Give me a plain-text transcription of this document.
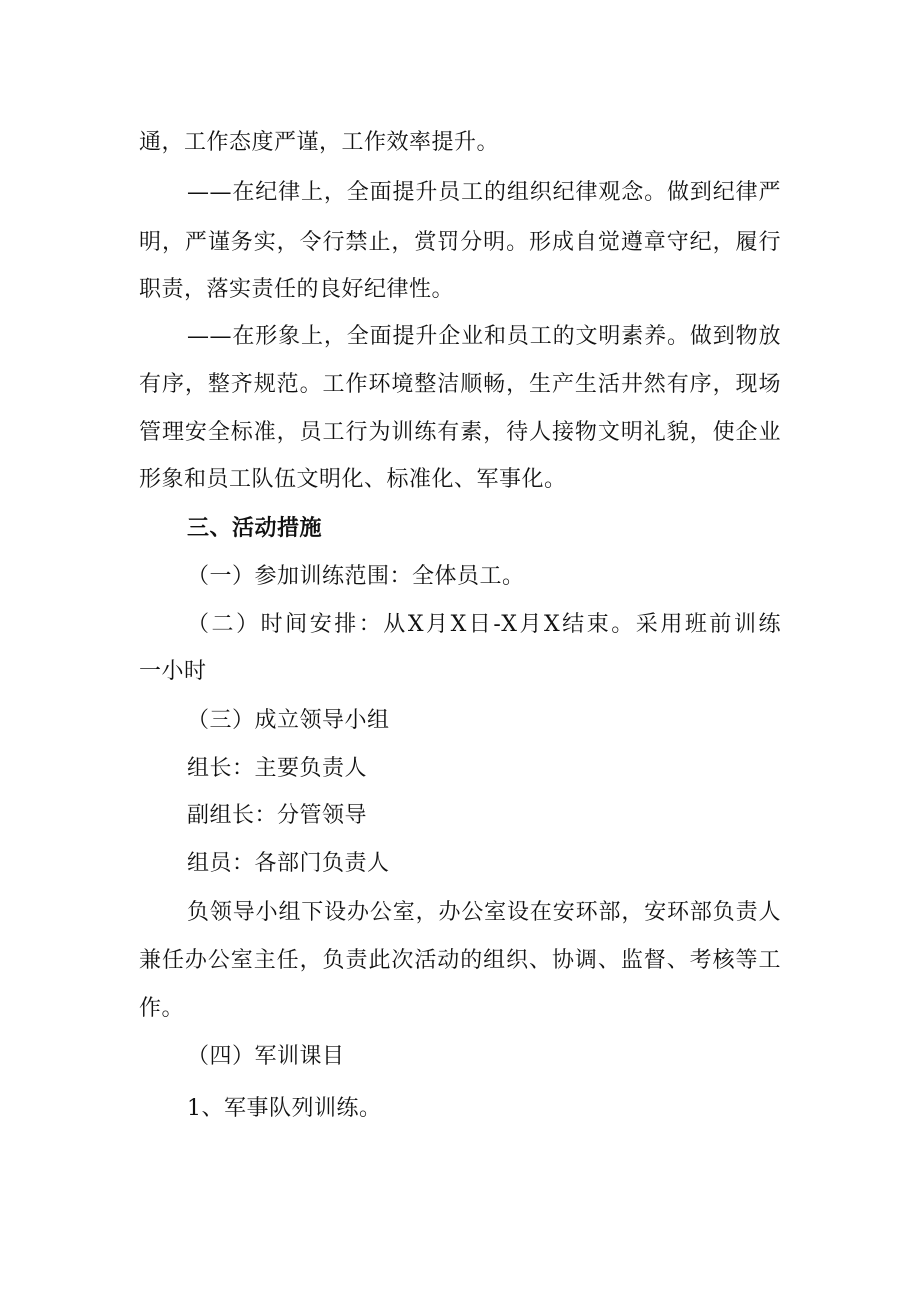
通，工作态度严谨，工作效率提升。
——在纪律上，全面提升员工的组织纪律观念。做到纪律严
明，严谨务实，令行禁止，赏罚分明。形成自觉遵章守纪，履行
职责，落实责任的良好纪律性。
——在形象上，全面提升企业和员工的文明素养。做到物放
有序，整齐规范。工作环境整洁顺畅，生产生活井然有序，现场
管理安全标准，员工行为训练有素，待人接物文明礼貌，使企业
形象和员工队伍文明化、标准化、军事化。
三、活动措施
（一）参加训练范围：全体员工。
（二）时间安排：从X月X日-X月X结束。采用班前训练
一小时
（三）成立领导小组
组长：主要负责人
副组长：分管领导
组员：各部门负责人
负领导小组下设办公室，办公室设在安环部，安环部负责人
兼任办公室主任，负责此次活动的组织、协调、监督、考核等工
作。
（四）军训课目
1、军事队列训练。
